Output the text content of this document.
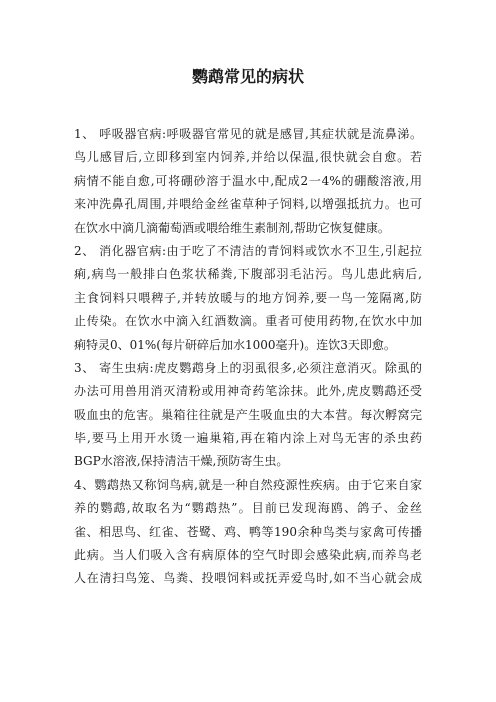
鹦鹉常见的病状
1、 呼吸器官病:呼吸器官常见的就是感冒,其症状就是流鼻涕。
鸟儿感冒后,立即移到室内饲养,并给以保温,很快就会自愈。若
病情不能自愈,可将硼砂溶于温水中,配成2一4%的硼酸溶液,用
来冲洗鼻孔周围,并喂给金丝雀草种子饲料,以增强抵抗力。也可
在饮水中滴几滴葡萄酒或喂给维生素制剂,帮助它恢复健康。
2、 消化器官病:由于吃了不清洁的青饲料或饮水不卫生,引起拉
痢,病鸟一般排白色浆状稀粪,下腹部羽毛沾污。鸟儿患此病后,
主食饲料只喂稗子,并转放暖与的地方饲养,要一鸟一笼隔离,防
止传染。在饮水中滴入红酒数滴。重者可使用药物,在饮水中加
痢特灵0、01%(每片研碎后加水1000毫升)。连饮3天即愈。
3、 寄生虫病:虎皮鹦鹉身上的羽虱很多,必须注意消灭。除虱的
办法可用兽用消灭清粉或用神奇药笔涂抹。此外,虎皮鹦鹉还受
吸血虫的危害。巢箱往往就是产生吸血虫的大本营。每次孵窝完
毕,要马上用开水烫一遍巢箱,再在箱内涂上对鸟无害的杀虫药
BGP水溶液,保持清洁干燥,预防寄生虫。
4、鹦鹉热又称饲鸟病,就是一种自然疫源性疾病。由于它来自家
养的鹦鹉,故取名为“鹦鹉热”。目前已发现海鸥、鸽子、金丝
雀、相思鸟、红雀、苍鹭、鸡、鸭等190余种鸟类与家禽可传播
此病。当人们吸入含有病原体的空气时即会感染此病,而养鸟老
人在清扫鸟笼、鸟粪、投喂饲料或抚弄爱鸟时,如不当心就会成
